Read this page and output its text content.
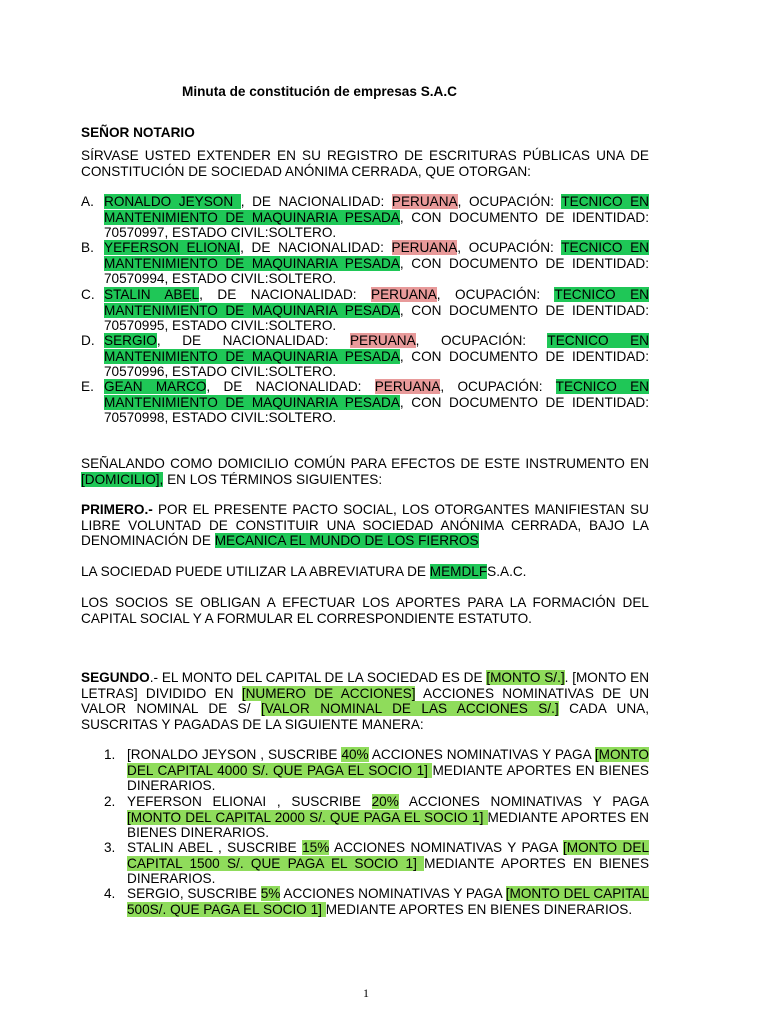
Minuta de constitución de empresas S.A.C
SEÑOR NOTARIO
SÍRVASE USTED EXTENDER EN SU REGISTRO DE ESCRITURAS PÚBLICAS UNA DE CONSTITUCIÓN DE SOCIEDAD ANÓNIMA CERRADA, QUE OTORGAN:
A. RONALDO JEYSON , DE NACIONALIDAD: PERUANA, OCUPACIÓN: TECNICO EN MANTENIMIENTO DE MAQUINARIA PESADA, CON DOCUMENTO DE IDENTIDAD: 70570997, ESTADO CIVIL:SOLTERO.
B. YEFERSON ELIONAI, DE NACIONALIDAD: PERUANA, OCUPACIÓN: TECNICO EN MANTENIMIENTO DE MAQUINARIA PESADA, CON DOCUMENTO DE IDENTIDAD: 70570994, ESTADO CIVIL:SOLTERO.
C. STALIN ABEL, DE NACIONALIDAD: PERUANA, OCUPACIÓN: TECNICO EN MANTENIMIENTO DE MAQUINARIA PESADA, CON DOCUMENTO DE IDENTIDAD: 70570995, ESTADO CIVIL:SOLTERO.
D. SERGIO, DE NACIONALIDAD: PERUANA, OCUPACIÓN: TECNICO EN MANTENIMIENTO DE MAQUINARIA PESADA, CON DOCUMENTO DE IDENTIDAD: 70570996, ESTADO CIVIL:SOLTERO.
E. GEAN MARCO, DE NACIONALIDAD: PERUANA, OCUPACIÓN: TECNICO EN MANTENIMIENTO DE MAQUINARIA PESADA, CON DOCUMENTO DE IDENTIDAD: 70570998, ESTADO CIVIL:SOLTERO.
SEÑALANDO COMO DOMICILIO COMÚN PARA EFECTOS DE ESTE INSTRUMENTO EN [DOMICILIO], EN LOS TÉRMINOS SIGUIENTES:
PRIMERO.- POR EL PRESENTE PACTO SOCIAL, LOS OTORGANTES MANIFIESTAN SU LIBRE VOLUNTAD DE CONSTITUIR UNA SOCIEDAD ANÓNIMA CERRADA, BAJO LA DENOMINACIÓN DE MECANICA EL MUNDO DE LOS FIERROS
LA SOCIEDAD PUEDE UTILIZAR LA ABREVIATURA DE MEMDLFS.A.C.
LOS SOCIOS SE OBLIGAN A EFECTUAR LOS APORTES PARA LA FORMACIÓN DEL CAPITAL SOCIAL Y A FORMULAR EL CORRESPONDIENTE ESTATUTO.
SEGUNDO.- EL MONTO DEL CAPITAL DE LA SOCIEDAD ES DE [MONTO S/.]. [MONTO EN LETRAS] DIVIDIDO EN [NUMERO DE ACCIONES] ACCIONES NOMINATIVAS DE UN VALOR NOMINAL DE S/ [VALOR NOMINAL DE LAS ACCIONES S/.] CADA UNA, SUSCRITAS Y PAGADAS DE LA SIGUIENTE MANERA:
1. [RONALDO JEYSON , SUSCRIBE 40% ACCIONES NOMINATIVAS Y PAGA [MONTO DEL CAPITAL 4000 S/. QUE PAGA EL SOCIO 1] MEDIANTE APORTES EN BIENES DINERARIOS.
2. YEFERSON ELIONAI , SUSCRIBE 20% ACCIONES NOMINATIVAS Y PAGA [MONTO DEL CAPITAL 2000 S/. QUE PAGA EL SOCIO 1] MEDIANTE APORTES EN BIENES DINERARIOS.
3. STALIN ABEL , SUSCRIBE 15% ACCIONES NOMINATIVAS Y PAGA [MONTO DEL CAPITAL 1500 S/. QUE PAGA EL SOCIO 1] MEDIANTE APORTES EN BIENES DINERARIOS.
4. SERGIO, SUSCRIBE 5% ACCIONES NOMINATIVAS Y PAGA [MONTO DEL CAPITAL 500S/. QUE PAGA EL SOCIO 1] MEDIANTE APORTES EN BIENES DINERARIOS.
1
